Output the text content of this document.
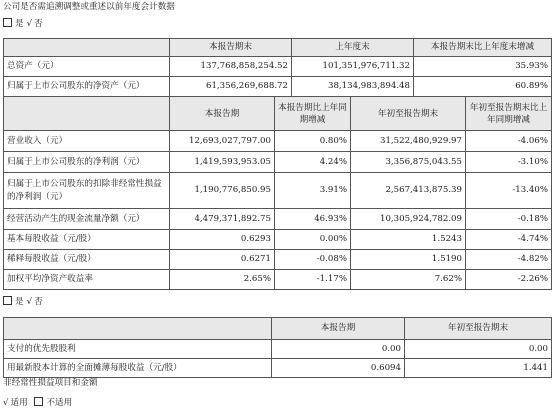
公司是否需追溯调整或重述以前年度会计数据
是 √ 否
	本报告期末	上年度末	本报告期末比上年度末增减
总资产（元）	137,768,858,254.52	101,351,976,711.32	35.93%
归属于上市公司股东的净资产（元）	61,356,269,688.72	38,134,983,894.48	60.89%
	本报告期	本报告期比上年同期增减	年初至报告期末	年初至报告期末比上年同期增减
营业收入（元）	12,693,027,797.00	0.80%	31,522,480,929.97	-4.06%
归属于上市公司股东的净利润（元）	1,419,593,953.05	4.24%	3,356,875,043.55	-3.10%
归属于上市公司股东的扣除非经常性损益的净利润（元）	1,190,776,850.95	3.91%	2,567,413,875.39	-13.40%
经营活动产生的现金流量净额（元）	4,479,371,892.75	46.93%	10,305,924,782.09	-0.18%
基本每股收益（元/股）	0.6293	0.00%	1.5243	-4.74%
稀释每股收益（元/股）	0.6271	-0.08%	1.5190	-4.82%
加权平均净资产收益率	2.65%	-1.17%	7.62%	-2.26%
是 √ 否
	本报告期	年初至报告期末
支付的优先股股利	0.00	0.00
用最新股本计算的全面摊薄每股收益（元/股）	0.6094	1.441
非经常性损益项目和金额
√ 适用 不适用
